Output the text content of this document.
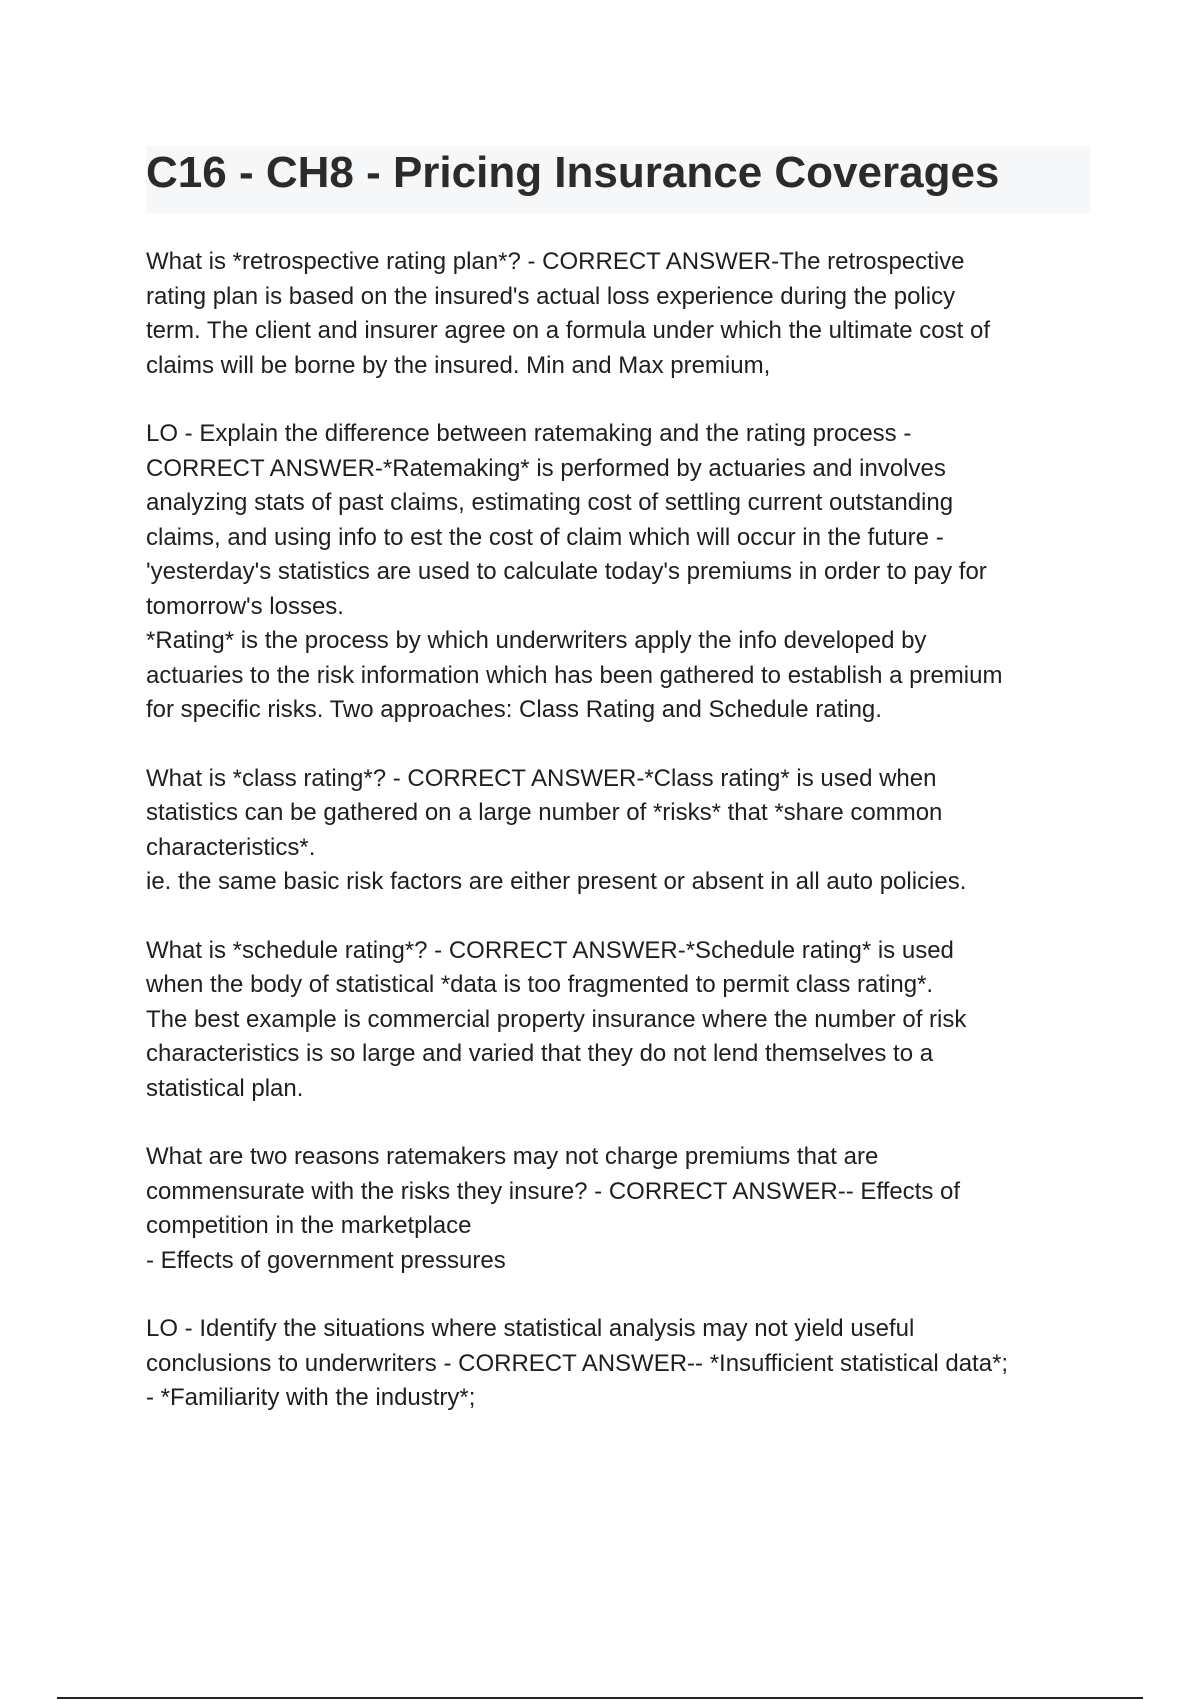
C16 - CH8 - Pricing Insurance Coverages
What is *retrospective rating plan*? - CORRECT ANSWER-The retrospective
rating plan is based on the insured's actual loss experience during the policy
term. The client and insurer agree on a formula under which the ultimate cost of
claims will be borne by the insured. Min and Max premium,
LO - Explain the difference between ratemaking and the rating process -
CORRECT ANSWER-*Ratemaking* is performed by actuaries and involves
analyzing stats of past claims, estimating cost of settling current outstanding
claims, and using info to est the cost of claim which will occur in the future -
'yesterday's statistics are used to calculate today's premiums in order to pay for
tomorrow's losses.
*Rating* is the process by which underwriters apply the info developed by
actuaries to the risk information which has been gathered to establish a premium
for specific risks. Two approaches: Class Rating and Schedule rating.
What is *class rating*? - CORRECT ANSWER-*Class rating* is used when
statistics can be gathered on a large number of *risks* that *share common
characteristics*.
ie. the same basic risk factors are either present or absent in all auto policies.
What is *schedule rating*? - CORRECT ANSWER-*Schedule rating* is used
when the body of statistical *data is too fragmented to permit class rating*.
The best example is commercial property insurance where the number of risk
characteristics is so large and varied that they do not lend themselves to a
statistical plan.
What are two reasons ratemakers may not charge premiums that are
commensurate with the risks they insure? - CORRECT ANSWER-- Effects of
competition in the marketplace
- Effects of government pressures
LO - Identify the situations where statistical analysis may not yield useful
conclusions to underwriters - CORRECT ANSWER-- *Insufficient statistical data*;
- *Familiarity with the industry*;
